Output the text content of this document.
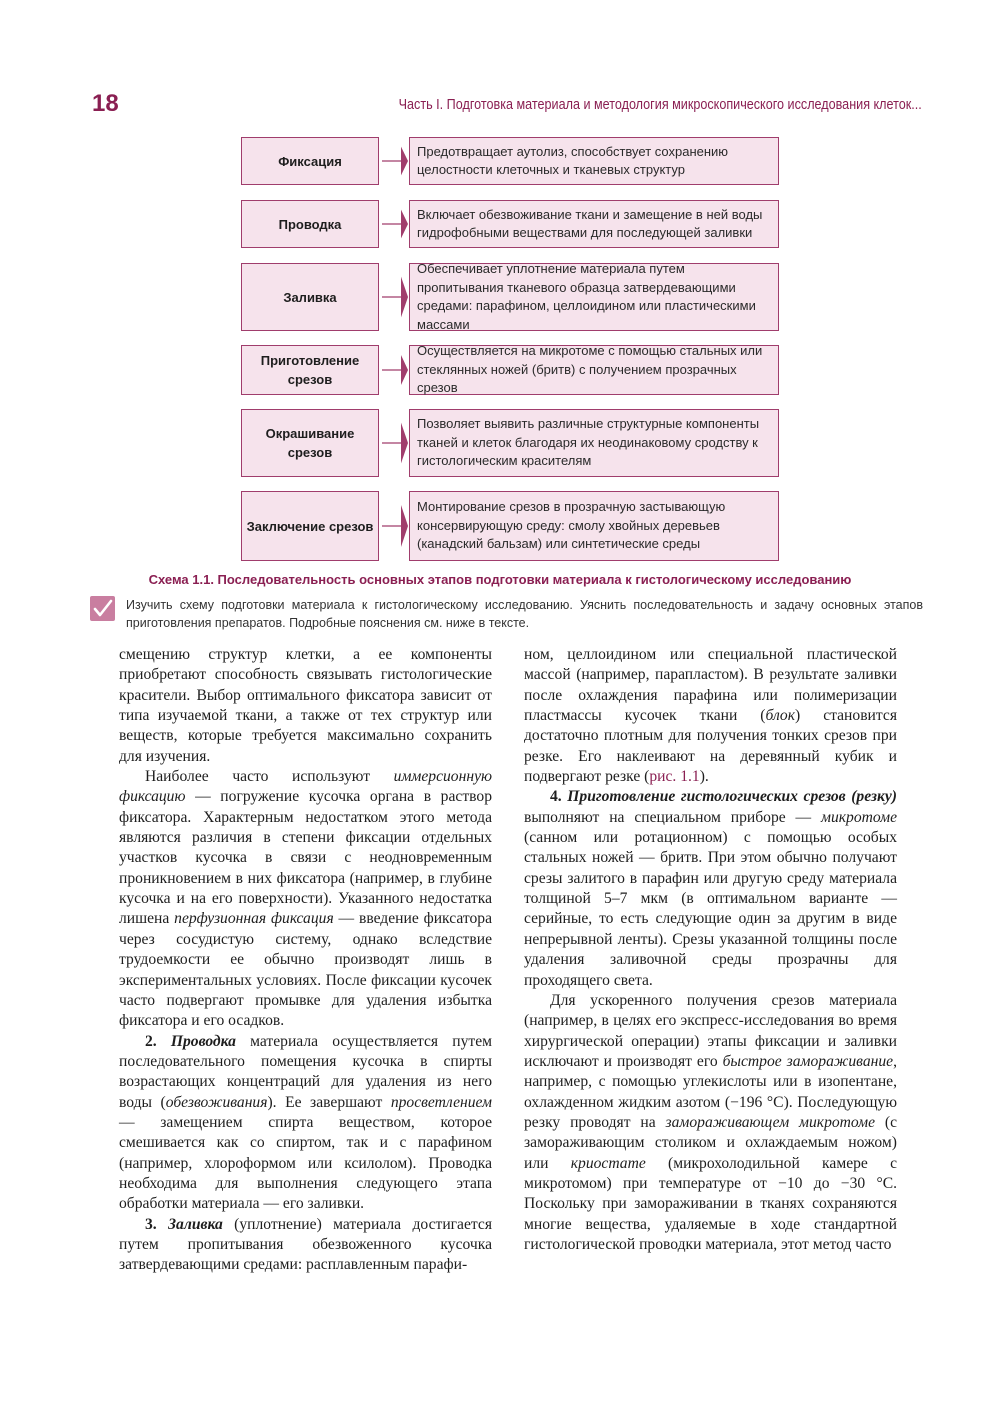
18	Часть I. Подготовка материала и методология микроскопического исследования клеток...
Фиксация
Предотвращает аутолиз, способствует сохранению целостности клеточных и тканевых структур
Проводка
Включает обезвоживание ткани и замещение в ней воды гидрофобными веществами для последующей заливки
Заливка
Обеспечивает уплотнение материала путем пропитывания тканевого образца затвердевающими средами: парафином, целлоидином или пластическими массами
Приготовление срезов
Осуществляется на микротоме с помощью стальных или стеклянных ножей (бритв) с получением прозрачных срезов
Окрашивание срезов
Позволяет выявить различные структурные компоненты тканей и клеток благодаря их неодинаковому сродству к гистологическим красителям
Заключение срезов
Монтирование срезов в прозрачную застывающую консервирующую среду: смолу хвойных деревьев (канадский бальзам) или синтетические среды
Схема 1.1. Последовательность основных этапов подготовки материала к гистологическому исследованию
Изучить схему подготовки материала к гистологическому исследованию. Уяснить последовательность и задачу основных этапов приготовления препаратов. Подробные пояснения см. ниже в тексте.

смещению структур клетки, а ее компоненты приобретают способность связывать гистологические красители. Выбор оптимального фиксатора зависит от типа изучаемой ткани, а также от тех структур или веществ, которые требуется максимально сохранить для изучения.

Наиболее часто используют иммерсионную фиксацию — погружение кусочка органа в раствор фиксатора. Характерным недостатком этого метода являются различия в степени фиксации отдельных участков кусочка в связи с неодновременным проникновением в них фиксатора (например, в глубине кусочка и на его поверхности). Указанного недостатка лишена перфузионная фиксация — введение фиксатора через сосудистую систему, однако вследствие трудоемкости ее обычно производят лишь в экспериментальных условиях. После фиксации кусочек часто подвергают промывке для удаления избытка фиксатора и его осадков.

2. Проводка материала осуществляется путем последовательного помещения кусочка в спирты возрастающих концентраций для удаления из него воды (обезвоживания). Ее завершают просветлением — замещением спирта веществом, которое смешивается как со спиртом, так и с парафином (например, хлороформом или ксилолом). Проводка необходима для выполнения следующего этапа обработки материала — его заливки.

3. Заливка (уплотнение) материала достигается путем пропитывания обезвоженного кусочка затвердевающими средами: расплавленным парафи-

ном, целлоидином или специальной пластической массой (например, парапластом). В результате заливки после охлаждения парафина или полимеризации пластмассы кусочек ткани (блок) становится достаточно плотным для получения тонких срезов при резке. Его наклеивают на деревянный кубик и подвергают резке (рис. 1.1).

4. Приготовление гистологических срезов (резку) выполняют на специальном приборе — микротоме (санном или ротационном) с помощью особых стальных ножей — бритв. При этом обычно получают срезы залитого в парафин или другую среду материала толщиной 5–7 мкм (в оптимальном варианте — серийные, то есть следующие один за другим в виде непрерывной ленты). Срезы указанной толщины после удаления заливочной среды прозрачны для проходящего света.

Для ускоренного получения срезов материала (например, в целях его экспресс-исследования во время хирургической операции) этапы фиксации и заливки исключают и производят его быстрое замораживание, например, с помощью углекислоты или в изопентане, охлажденном жидким азотом (−196 °С). Последующую резку проводят на замораживающем микротоме (с замораживающим столиком и охлаждаемым ножом) или криостате (микрохолодильной камере с микротомом) при температуре от −10 до −30 °С. Поскольку при замораживании в тканях сохраняются многие вещества, удаляемые в ходе стандартной гистологической проводки материала, этот метод часто
